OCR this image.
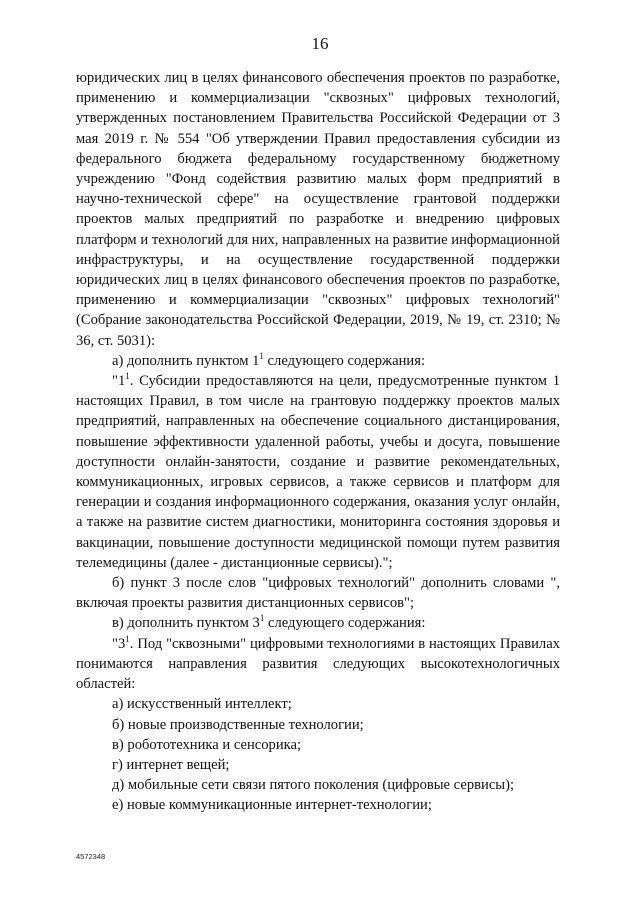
16

юридических лиц в целях финансового обеспечения проектов по разработке, применению и коммерциализации "сквозных" цифровых технологий, утвержденных постановлением Правительства Российской Федерации от 3 мая 2019 г. № 554 "Об утверждении Правил предоставления субсидии из федерального бюджета федеральному государственному бюджетному учреждению "Фонд содействия развитию малых форм предприятий в научно-технической сфере" на осуществление грантовой поддержки проектов малых предприятий по разработке и внедрению цифровых платформ и технологий для них, направленных на развитие информационной инфраструктуры, и на осуществление государственной поддержки юридических лиц в целях финансового обеспечения проектов по разработке, применению и коммерциализации "сквозных" цифровых технологий" (Собрание законодательства Российской Федерации, 2019, № 19, ст. 2310; № 36, ст. 5031):

а) дополнить пунктом $1^1$ следующего содержания:

"$1^1$. Субсидии предоставляются на цели, предусмотренные пунктом 1 настоящих Правил, в том числе на грантовую поддержку проектов малых предприятий, направленных на обеспечение социального дистанцирования, повышение эффективности удаленной работы, учебы и досуга, повышение доступности онлайн-занятости, создание и развитие рекомендательных, коммуникационных, игровых сервисов, а также сервисов и платформ для генерации и создания информационного содержания, оказания услуг онлайн, а также на развитие систем диагностики, мониторинга состояния здоровья и вакцинации, повышение доступности медицинской помощи путем развития телемедицины (далее - дистанционные сервисы).";

б) пункт 3 после слов "цифровых технологий" дополнить словами ", включая проекты развития дистанционных сервисов";

в) дополнить пунктом $3^1$ следующего содержания:

"$3^1$. Под "сквозными" цифровыми технологиями в настоящих Правилах понимаются направления развития следующих высокотехнологичных областей:

а) искусственный интеллект;

б) новые производственные технологии;

в) робототехника и сенсорика;

г) интернет вещей;

д) мобильные сети связи пятого поколения (цифровые сервисы);

е) новые коммуникационные интернет-технологии;

4572348
